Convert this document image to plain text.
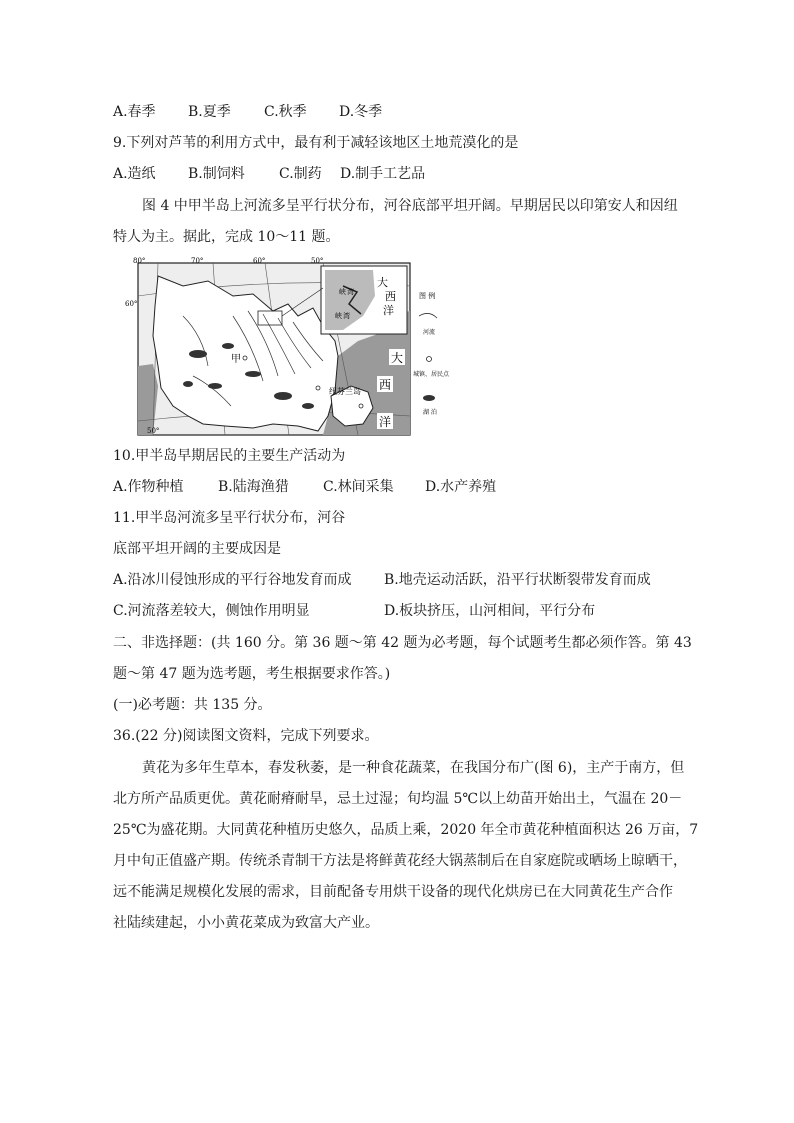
A.春季 B.夏季 C.秋季 D.冬季
9.下列对芦苇的利用方式中，最有利于减轻该地区土地荒漠化的是
A.造纸 B.制饲料 C.制药 D.制手工艺品
图 4 中甲半岛上河流多呈平行状分布，河谷底部平坦开阔。早期居民以印第安人和因纽
特人为主。据此，完成 10～11 题。
峡 湾
峡 湾
大
西
洋
大
西
洋
甲
纽芬兰岛
80°	70°	60°	50°
60°
50°
图 例
河流
城镇、居民点
湖 泊
10.甲半岛早期居民的主要生产活动为
A.作物种植 B.陆海渔猎 C.林间采集 D.水产养殖
11.甲半岛河流多呈平行状分布，河谷
底部平坦开阔的主要成因是
A.沿冰川侵蚀形成的平行谷地发育而成 B.地壳运动活跃，沿平行状断裂带发育而成
C.河流落差较大，侧蚀作用明显	D.板块挤压，山河相间，平行分布
二、非选择题：(共 160 分。第 36 题～第 42 题为必考题，每个试题考生都必须作答。第 43
题～第 47 题为选考题，考生根据要求作答。)
(一)必考题：共 135 分。
36.(22 分)阅读图文资料，完成下列要求。
黄花为多年生草本，春发秋萎，是一种食花蔬菜，在我国分布广(图 6)，主产于南方，但
北方所产品质更优。黄花耐瘠耐旱，忌土过湿；旬均温 5℃以上幼苗开始出土，气温在 20－
25℃为盛花期。大同黄花种植历史悠久，品质上乘，2020 年全市黄花种植面积达 26 万亩，7
月中旬正值盛产期。传统杀青制干方法是将鲜黄花经大锅蒸制后在自家庭院或晒场上晾晒干，
远不能满足规模化发展的需求，目前配备专用烘干设备的现代化烘房已在大同黄花生产合作
社陆续建起，小小黄花菜成为致富大产业。
